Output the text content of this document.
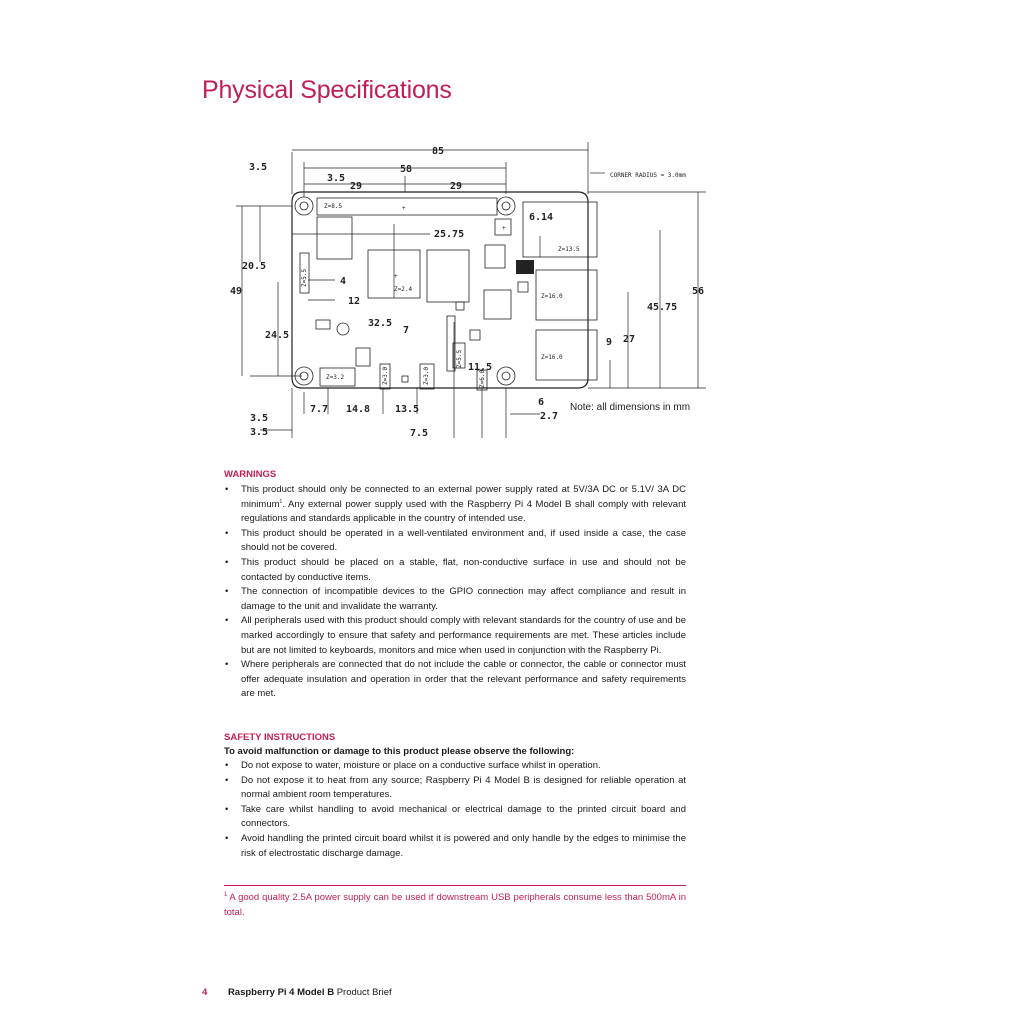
Physical Specifications
Z=8.5	+
Z=13.5
Z=16.0
Z=16.0
+
Z=2.4
+
Z=5.5
Z=3.0	Z=3.0
Z=5.5
Z=6.0
Z=3.2
85
3.5	58
3.5
29	29
CORNER RADIUS = 3.0mm
6.14
25.75
20.5
4
49	56
12
45.75
32.5
7
24.5	27
9
11.5
7.7 14.8 13.5
6	Note: all dimensions in mm
2.7
3.5
3.5	7.5

WARNINGS

• This product should only be connected to an external power supply rated at 5V/3A DC or 5.1V/ 3A DC minimum$^1$. Any external power supply used with the Raspberry Pi 4 Model B shall comply with relevant regulations and standards applicable in the country of intended use.
• This product should be operated in a well-ventilated environment and, if used inside a case, the case should not be covered.
• This product should be placed on a stable, flat, non-conductive surface in use and should not be contacted by conductive items.
• The connection of incompatible devices to the GPIO connection may affect compliance and result in damage to the unit and invalidate the warranty.
• All peripherals used with this product should comply with relevant standards for the country of use and be marked accordingly to ensure that safety and performance requirements are met. These articles include but are not limited to keyboards, monitors and mice when used in conjunction with the Raspberry Pi.
• Where peripherals are connected that do not include the cable or connector, the cable or connector must offer adequate insulation and operation in order that the relevant performance and safety requirements are met.

SAFETY INSTRUCTIONS

To avoid malfunction or damage to this product please observe the following:

• Do not expose to water, moisture or place on a conductive surface whilst in operation.
• Do not expose it to heat from any source; Raspberry Pi 4 Model B is designed for reliable operation at normal ambient room temperatures.
• Take care whilst handling to avoid mechanical or electrical damage to the printed circuit board and connectors.
• Avoid handling the printed circuit board whilst it is powered and only handle by the edges to minimise the risk of electrostatic discharge damage.

$^1$ A good quality 2.5A power supply can be used if downstream USB peripherals consume less than 500mA in total.

4 Raspberry Pi 4 Model B Product Brief
